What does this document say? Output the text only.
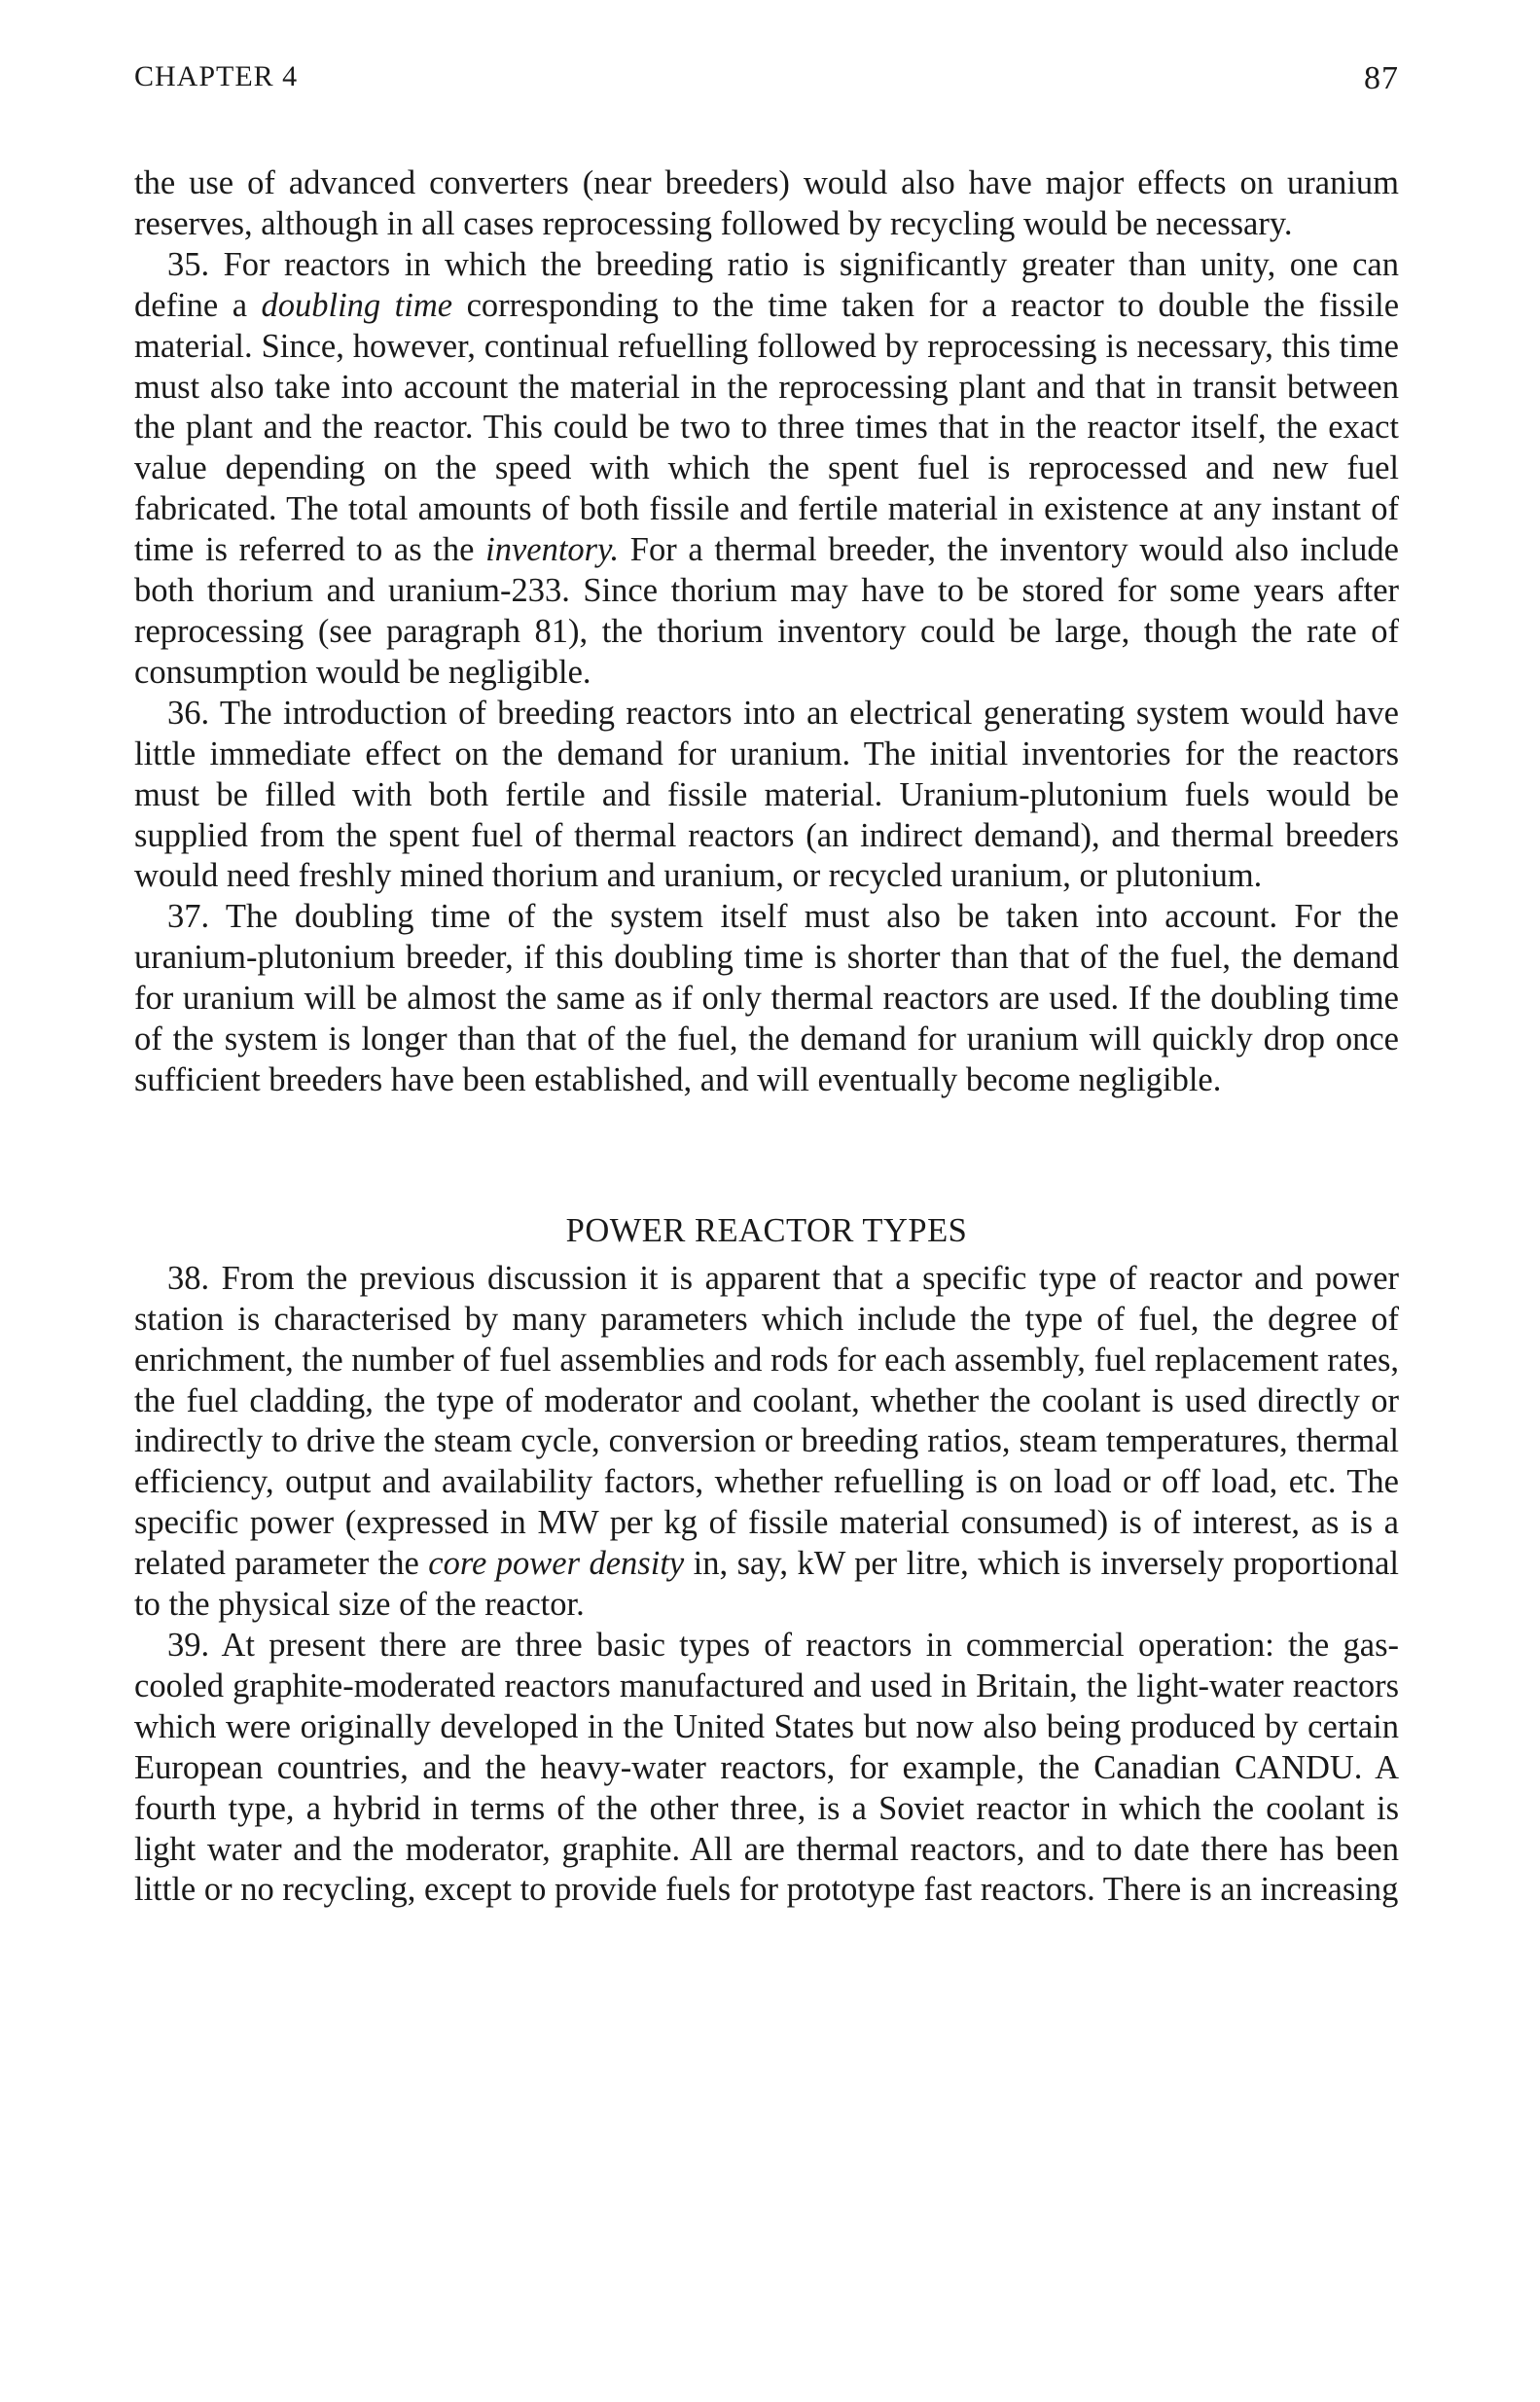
CHAPTER 4	87

the use of advanced converters (near breeders) would also have major effects on uranium reserves, although in all cases reprocessing followed by recycling would be necessary.

35. For reactors in which the breeding ratio is significantly greater than unity, one can define a doubling time corresponding to the time taken for a reactor to double the fissile material. Since, however, continual refuelling followed by reprocessing is necessary, this time must also take into account the material in the reprocessing plant and that in transit between the plant and the reactor. This could be two to three times that in the reactor itself, the exact value depending on the speed with which the spent fuel is reprocessed and new fuel fabricated. The total amounts of both fissile and fertile material in existence at any instant of time is referred to as the inventory. For a thermal breeder, the inventory would also include both thorium and uranium-233. Since thorium may have to be stored for some years after reprocessing (see paragraph 81), the thorium inventory could be large, though the rate of consumption would be negligible.

36. The introduction of breeding reactors into an electrical generating system would have little immediate effect on the demand for uranium. The initial inventories for the reactors must be filled with both fertile and fissile material. Uranium-plutonium fuels would be supplied from the spent fuel of thermal reactors (an indirect demand), and thermal breeders would need freshly mined thorium and uranium, or recycled uranium, or plutonium.

37. The doubling time of the system itself must also be taken into account. For the uranium-plutonium breeder, if this doubling time is shorter than that of the fuel, the demand for uranium will be almost the same as if only thermal reactors are used. If the doubling time of the system is longer than that of the fuel, the demand for uranium will quickly drop once sufficient breeders have been established, and will eventually become negligible.

POWER REACTOR TYPES

38. From the previous discussion it is apparent that a specific type of reactor and power station is characterised by many parameters which include the type of fuel, the degree of enrichment, the number of fuel assemblies and rods for each assembly, fuel replacement rates, the fuel cladding, the type of moderator and coolant, whether the coolant is used directly or indirectly to drive the steam cycle, conversion or breeding ratios, steam temperatures, thermal efficiency, output and availability factors, whether refuelling is on load or off load, etc. The specific power (expressed in MW per kg of fissile material consumed) is of interest, as is a related parameter the core power density in, say, kW per litre, which is inversely proportional to the physical size of the reactor.

39. At present there are three basic types of reactors in commercial operation: the gas-cooled graphite-moderated reactors manufactured and used in Britain, the light-water reactors which were originally developed in the United States but now also being produced by certain European countries, and the heavy-water reactors, for example, the Canadian CANDU. A fourth type, a hybrid in terms of the other three, is a Soviet reactor in which the coolant is light water and the moderator, graphite. All are thermal reactors, and to date there has been little or no recycling, except to provide fuels for prototype fast reactors. There is an increasing
